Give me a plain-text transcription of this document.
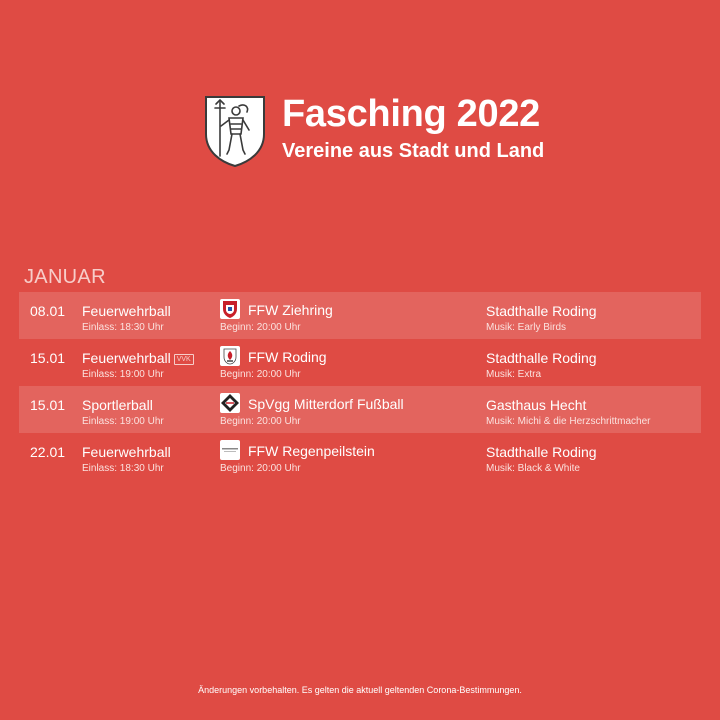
Fasching 2022
Vereine aus Stadt und Land
JANUAR
08.01 Feuerwehrball
Einlass: 18:30 Uhr
FFW Ziehring
Beginn: 20:00 Uhr
Stadthalle Roding
Musik: Early Birds
15.01 Feuerwehrball VVK
Einlass: 19:00 Uhr
FFW Roding
Beginn: 20:00 Uhr
Stadthalle Roding
Musik: Extra
15.01 Sportlerball
Einlass: 19:00 Uhr
SpVgg Mitterdorf Fußball
Beginn: 20:00 Uhr
Gasthaus Hecht
Musik: Michi & die Herzschrittmacher
22.01 Feuerwehrball
Einlass: 18:30 Uhr
FFW Regenpeilstein
Beginn: 20:00 Uhr
Stadthalle Roding
Musik: Black & White
Änderungen vorbehalten. Es gelten die aktuell geltenden Corona-Bestimmungen.
